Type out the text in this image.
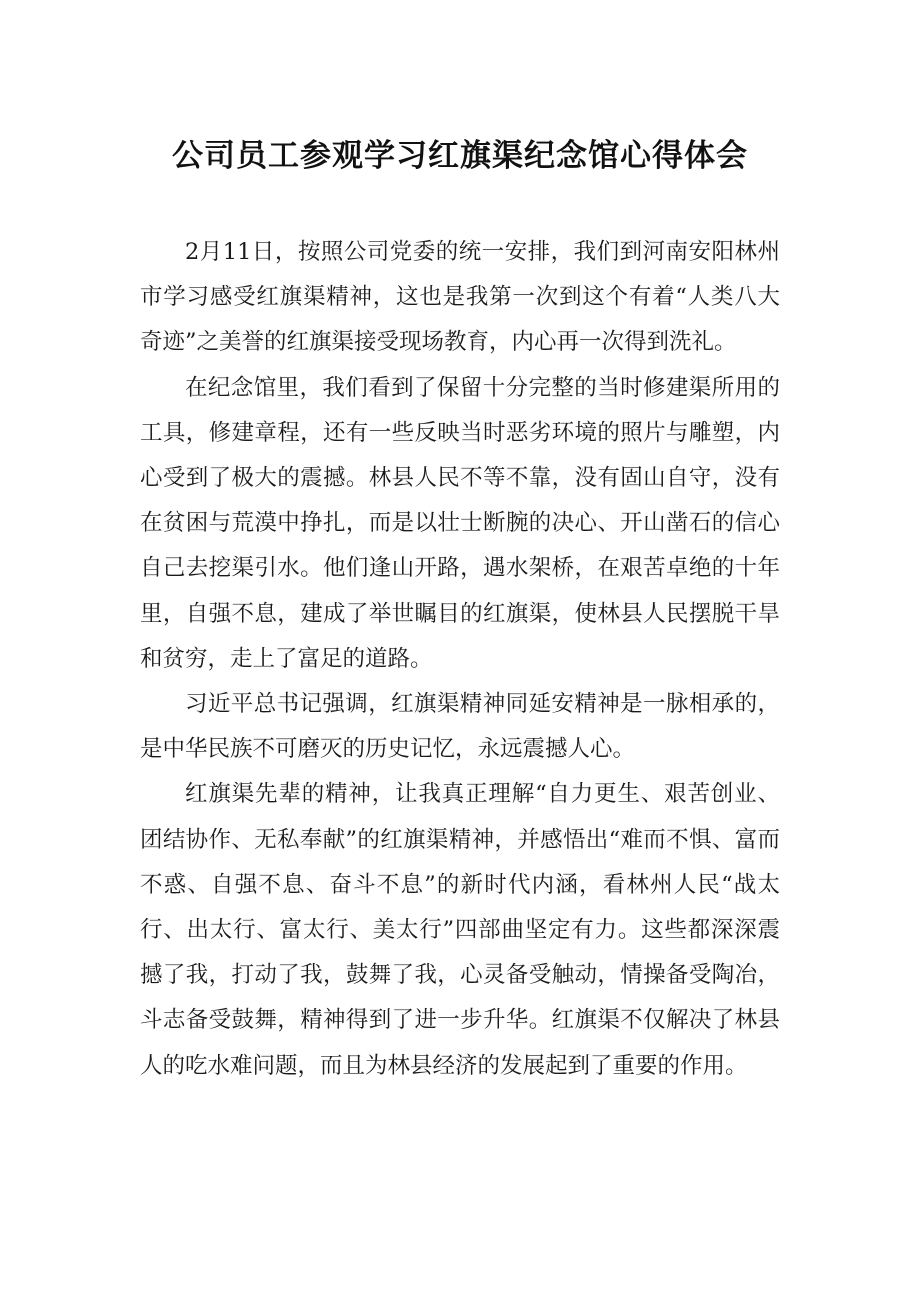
公司员工参观学习红旗渠纪念馆心得体会

2月11日，按照公司党委的统一安排，我们到河南安阳林州市学习感受红旗渠精神，这也是我第一次到这个有着“人类八大奇迹”之美誉的红旗渠接受现场教育，内心再一次得到洗礼。

在纪念馆里，我们看到了保留十分完整的当时修建渠所用的工具，修建章程，还有一些反映当时恶劣环境的照片与雕塑，内心受到了极大的震撼。林县人民不等不靠，没有固山自守，没有在贫困与荒漠中挣扎，而是以壮士断腕的决心、开山凿石的信心自己去挖渠引水。他们逢山开路，遇水架桥，在艰苦卓绝的十年里，自强不息，建成了举世瞩目的红旗渠，使林县人民摆脱干旱和贫穷，走上了富足的道路。

习近平总书记强调，红旗渠精神同延安精神是一脉相承的，是中华民族不可磨灭的历史记忆，永远震撼人心。

红旗渠先辈的精神，让我真正理解“自力更生、艰苦创业、团结协作、无私奉献”的红旗渠精神，并感悟出“难而不惧、富而不惑、自强不息、奋斗不息”的新时代内涵，看林州人民“战太行、出太行、富太行、美太行”四部曲坚定有力。这些都深深震撼了我，打动了我，鼓舞了我，心灵备受触动，情操备受陶冶，斗志备受鼓舞，精神得到了进一步升华。红旗渠不仅解决了林县人的吃水难问题，而且为林县经济的发展起到了重要的作用。
